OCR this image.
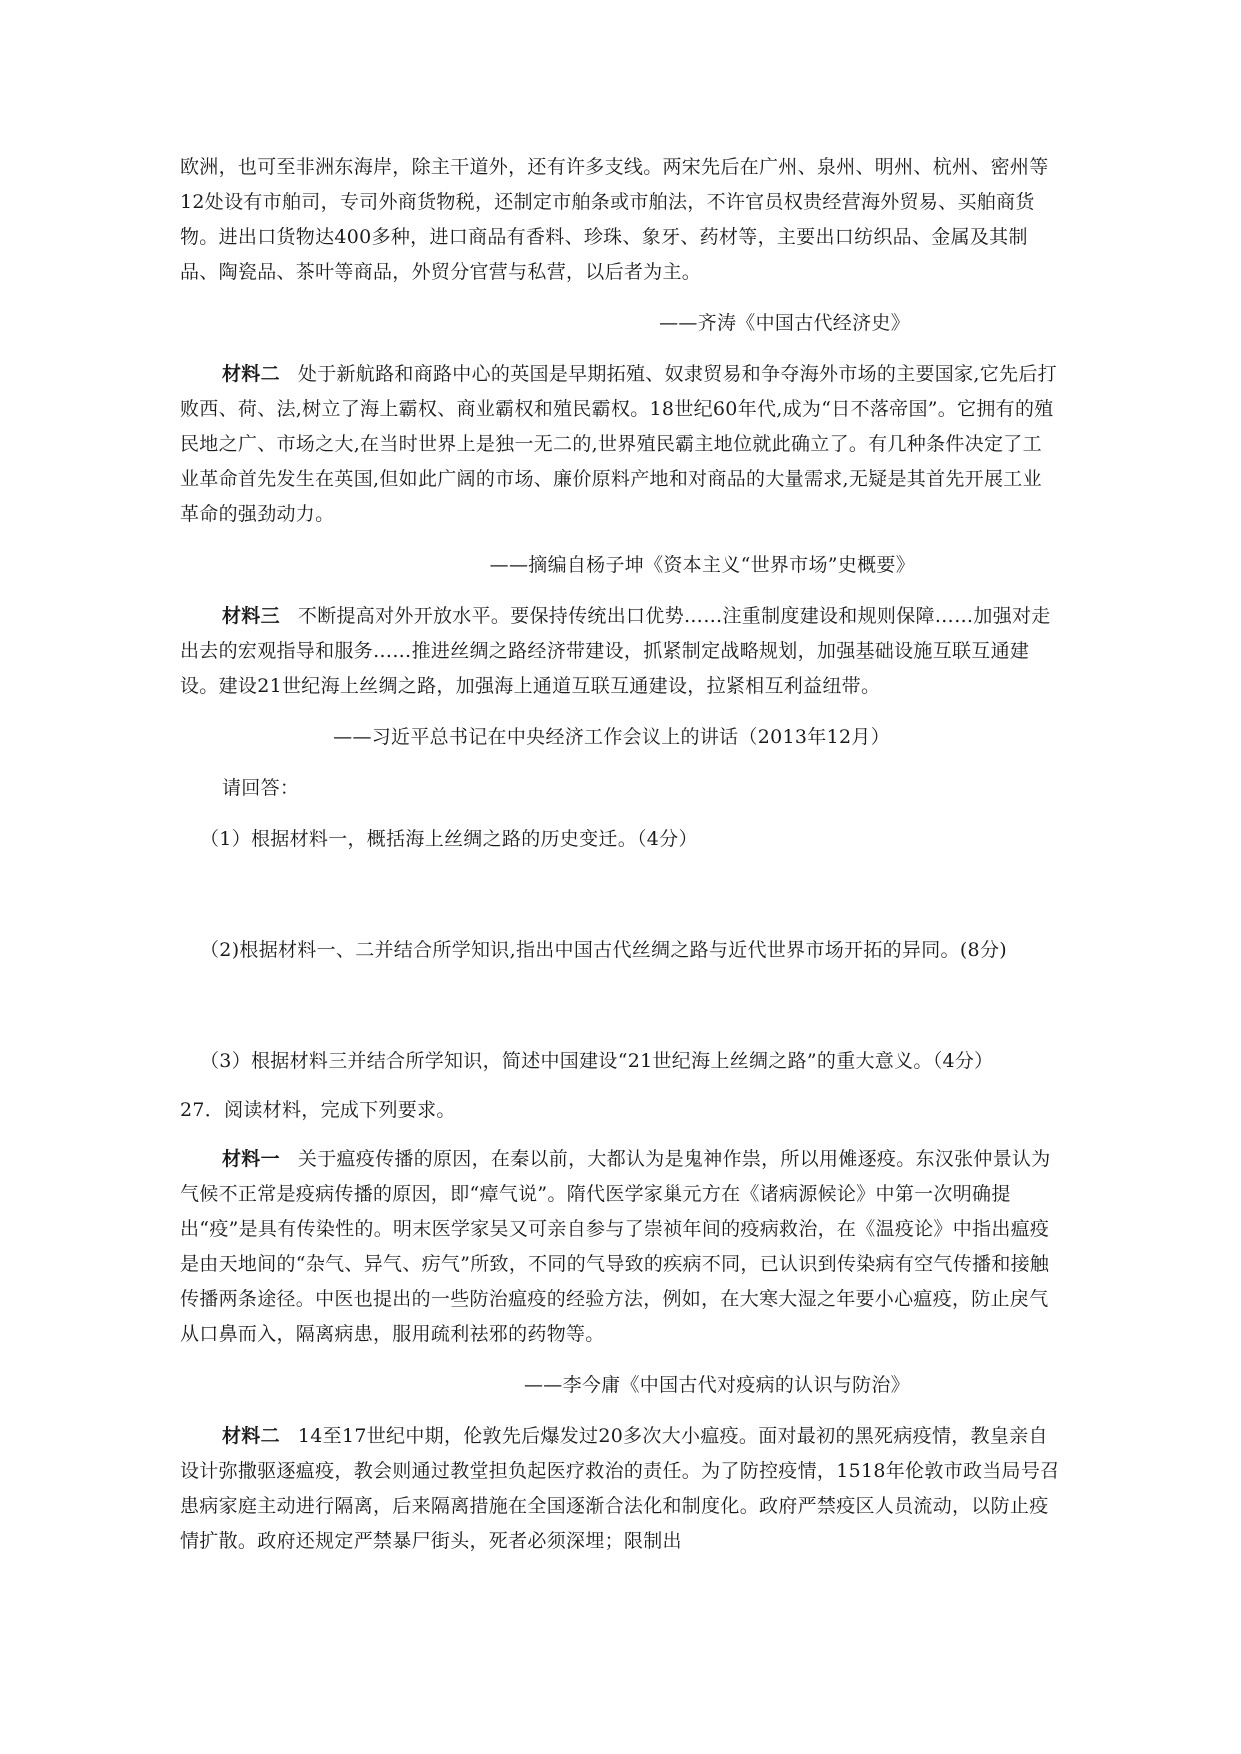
欧洲，也可至非洲东海岸，除主干道外，还有许多支线。两宋先后在广州、泉州、明州、杭州、密州等12处设有市舶司，专司外商货物税，还制定市舶条或市舶法，不许官员权贵经营海外贸易、买舶商货物。进出口货物达400多种，进口商品有香料、珍珠、象牙、药材等，主要出口纺织品、金属及其制品、陶瓷品、茶叶等商品，外贸分官营与私营，以后者为主。

——齐涛《中国古代经济史》

材料二 处于新航路和商路中心的英国是早期拓殖、奴隶贸易和争夺海外市场的主要国家,它先后打败西、荷、法,树立了海上霸权、商业霸权和殖民霸权。18世纪60年代,成为“日不落帝国”。它拥有的殖民地之广、市场之大,在当时世界上是独一无二的,世界殖民霸主地位就此确立了。有几种条件决定了工业革命首先发生在英国,但如此广阔的市场、廉价原料产地和对商品的大量需求,无疑是其首先开展工业革命的强劲动力。

——摘编自杨子坤《资本主义“世界市场”史概要》

材料三 不断提高对外开放水平。要保持传统出口优势……注重制度建设和规则保障……加强对走出去的宏观指导和服务……推进丝绸之路经济带建设，抓紧制定战略规划，加强基础设施互联互通建设。建设21世纪海上丝绸之路，加强海上通道互联互通建设，拉紧相互利益纽带。

——习近平总书记在中央经济工作会议上的讲话（2013年12月）

请回答：

（1）根据材料一，概括海上丝绸之路的历史变迁。（4分）

（2)根据材料一、二并结合所学知识,指出中国古代丝绸之路与近代世界市场开拓的异同。(8分)

（3）根据材料三并结合所学知识，简述中国建设“21世纪海上丝绸之路”的重大意义。（4分）

27．阅读材料，完成下列要求。

材料一 关于瘟疫传播的原因，在秦以前，大都认为是鬼神作祟，所以用傩逐疫。东汉张仲景认为气候不正常是疫病传播的原因，即“瘴气说”。隋代医学家巢元方在《诸病源候论》中第一次明确提出“疫”是具有传染性的。明末医学家吴又可亲自参与了崇祯年间的疫病救治，在《温疫论》中指出瘟疫是由天地间的“杂气、异气、疠气”所致，不同的气导致的疾病不同，已认识到传染病有空气传播和接触传播两条途径。中医也提出的一些防治瘟疫的经验方法，例如，在大寒大湿之年要小心瘟疫，防止戾气从口鼻而入，隔离病患，服用疏利祛邪的药物等。

——李今庸《中国古代对疫病的认识与防治》

材料二 14至17世纪中期，伦敦先后爆发过20多次大小瘟疫。面对最初的黑死病疫情，教皇亲自设计弥撒驱逐瘟疫，教会则通过教堂担负起医疗救治的责任。为了防控疫情，1518年伦敦市政当局号召患病家庭主动进行隔离，后来隔离措施在全国逐渐合法化和制度化。政府严禁疫区人员流动，以防止疫情扩散。政府还规定严禁暴尸街头，死者必须深埋；限制出
